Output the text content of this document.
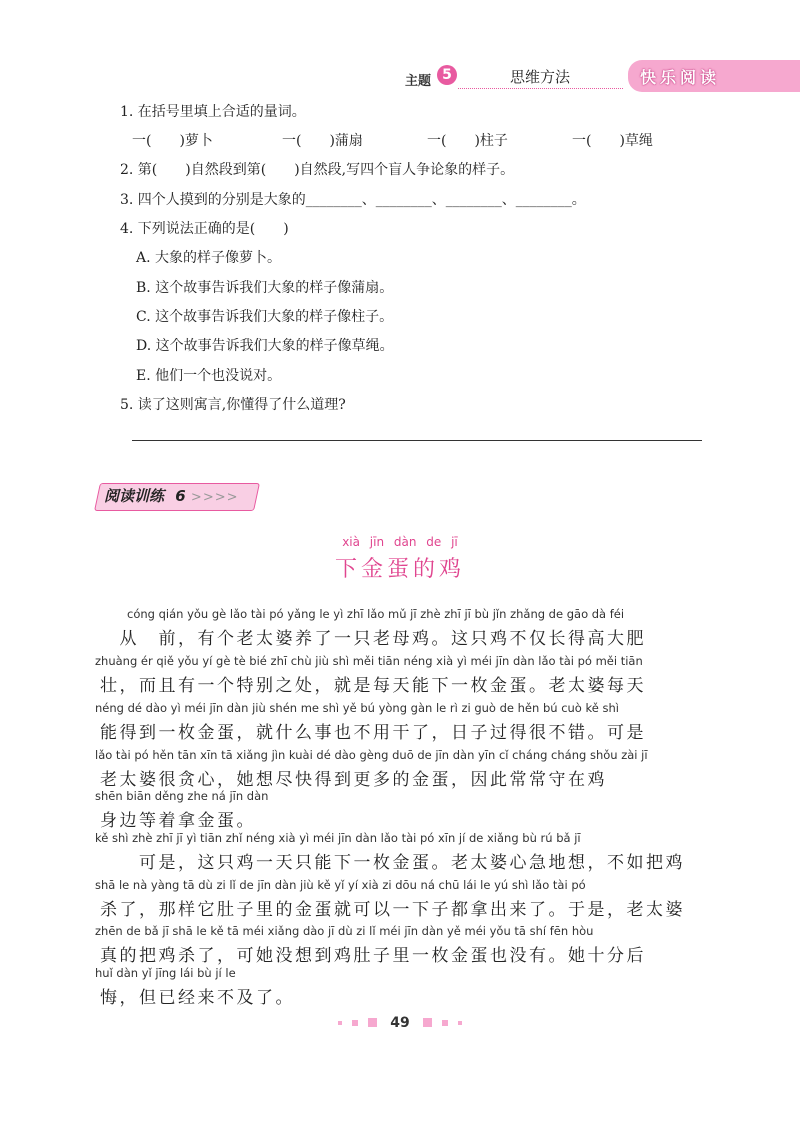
主题 5	思维方法	快乐阅读
1. 在括号里填上合适的量词。
一(　　)萝卜	一(　　)蒲扇	一(　　)柱子	一(　　)草绳
2. 第(　　)自然段到第(　　)自然段,写四个盲人争论象的样子。
3. 四个人摸到的分别是大象的________、________、________、________。
4. 下列说法正确的是(　　)
A. 大象的样子像萝卜。
B. 这个故事告诉我们大象的样子像蒲扇。
C. 这个故事告诉我们大象的样子像柱子。
D. 这个故事告诉我们大象的样子像草绳。
E. 他们一个也没说对。
5. 读了这则寓言,你懂得了什么道理?
阅读训练 6 >>>>
xià jīn dàn de jī
下金蛋的鸡
cóng qián yǒu gè lǎo tài pó yǎng le yì zhī lǎo mǔ jī zhè zhī jī bù jǐn zhǎng de gāo dà féi
　从　前，有个老太婆养了一只老母鸡。这只鸡不仅长得高大肥
zhuàng ér qiě yǒu yí gè tè bié zhī chù jiù shì měi tiān néng xià yì méi jīn dàn lǎo tài pó měi tiān
壮，而且有一个特别之处，就是每天能下一枚金蛋。老太婆每天
néng dé dào yì méi jīn dàn jiù shén me shì yě bú yòng gàn le rì zi guò de hěn bú cuò kě shì
能得到一枚金蛋，就什么事也不用干了，日子过得很不错。可是
lǎo tài pó hěn tān xīn tā xiǎng jìn kuài dé dào gèng duō de jīn dàn yīn cǐ cháng cháng shǒu zài jī
老太婆很贪心，她想尽快得到更多的金蛋，因此常常守在鸡
shēn biān děng zhe ná jīn dàn
身边等着拿金蛋。
kě shì zhè zhī jī yì tiān zhǐ néng xià yì méi jīn dàn lǎo tài pó xīn jí de xiǎng bù rú bǎ jī
　　可是，这只鸡一天只能下一枚金蛋。老太婆心急地想，不如把鸡
shā le nà yàng tā dù zi lǐ de jīn dàn jiù kě yǐ yí xià zi dōu ná chū lái le yú shì lǎo tài pó
杀了，那样它肚子里的金蛋就可以一下子都拿出来了。于是，老太婆
zhēn de bǎ jī shā le kě tā méi xiǎng dào jī dù zi lǐ méi jīn dàn yě méi yǒu tā shí fēn hòu
真的把鸡杀了，可她没想到鸡肚子里一枚金蛋也没有。她十分后
huǐ dàn yǐ jīng lái bù jí le
悔，但已经来不及了。
49
